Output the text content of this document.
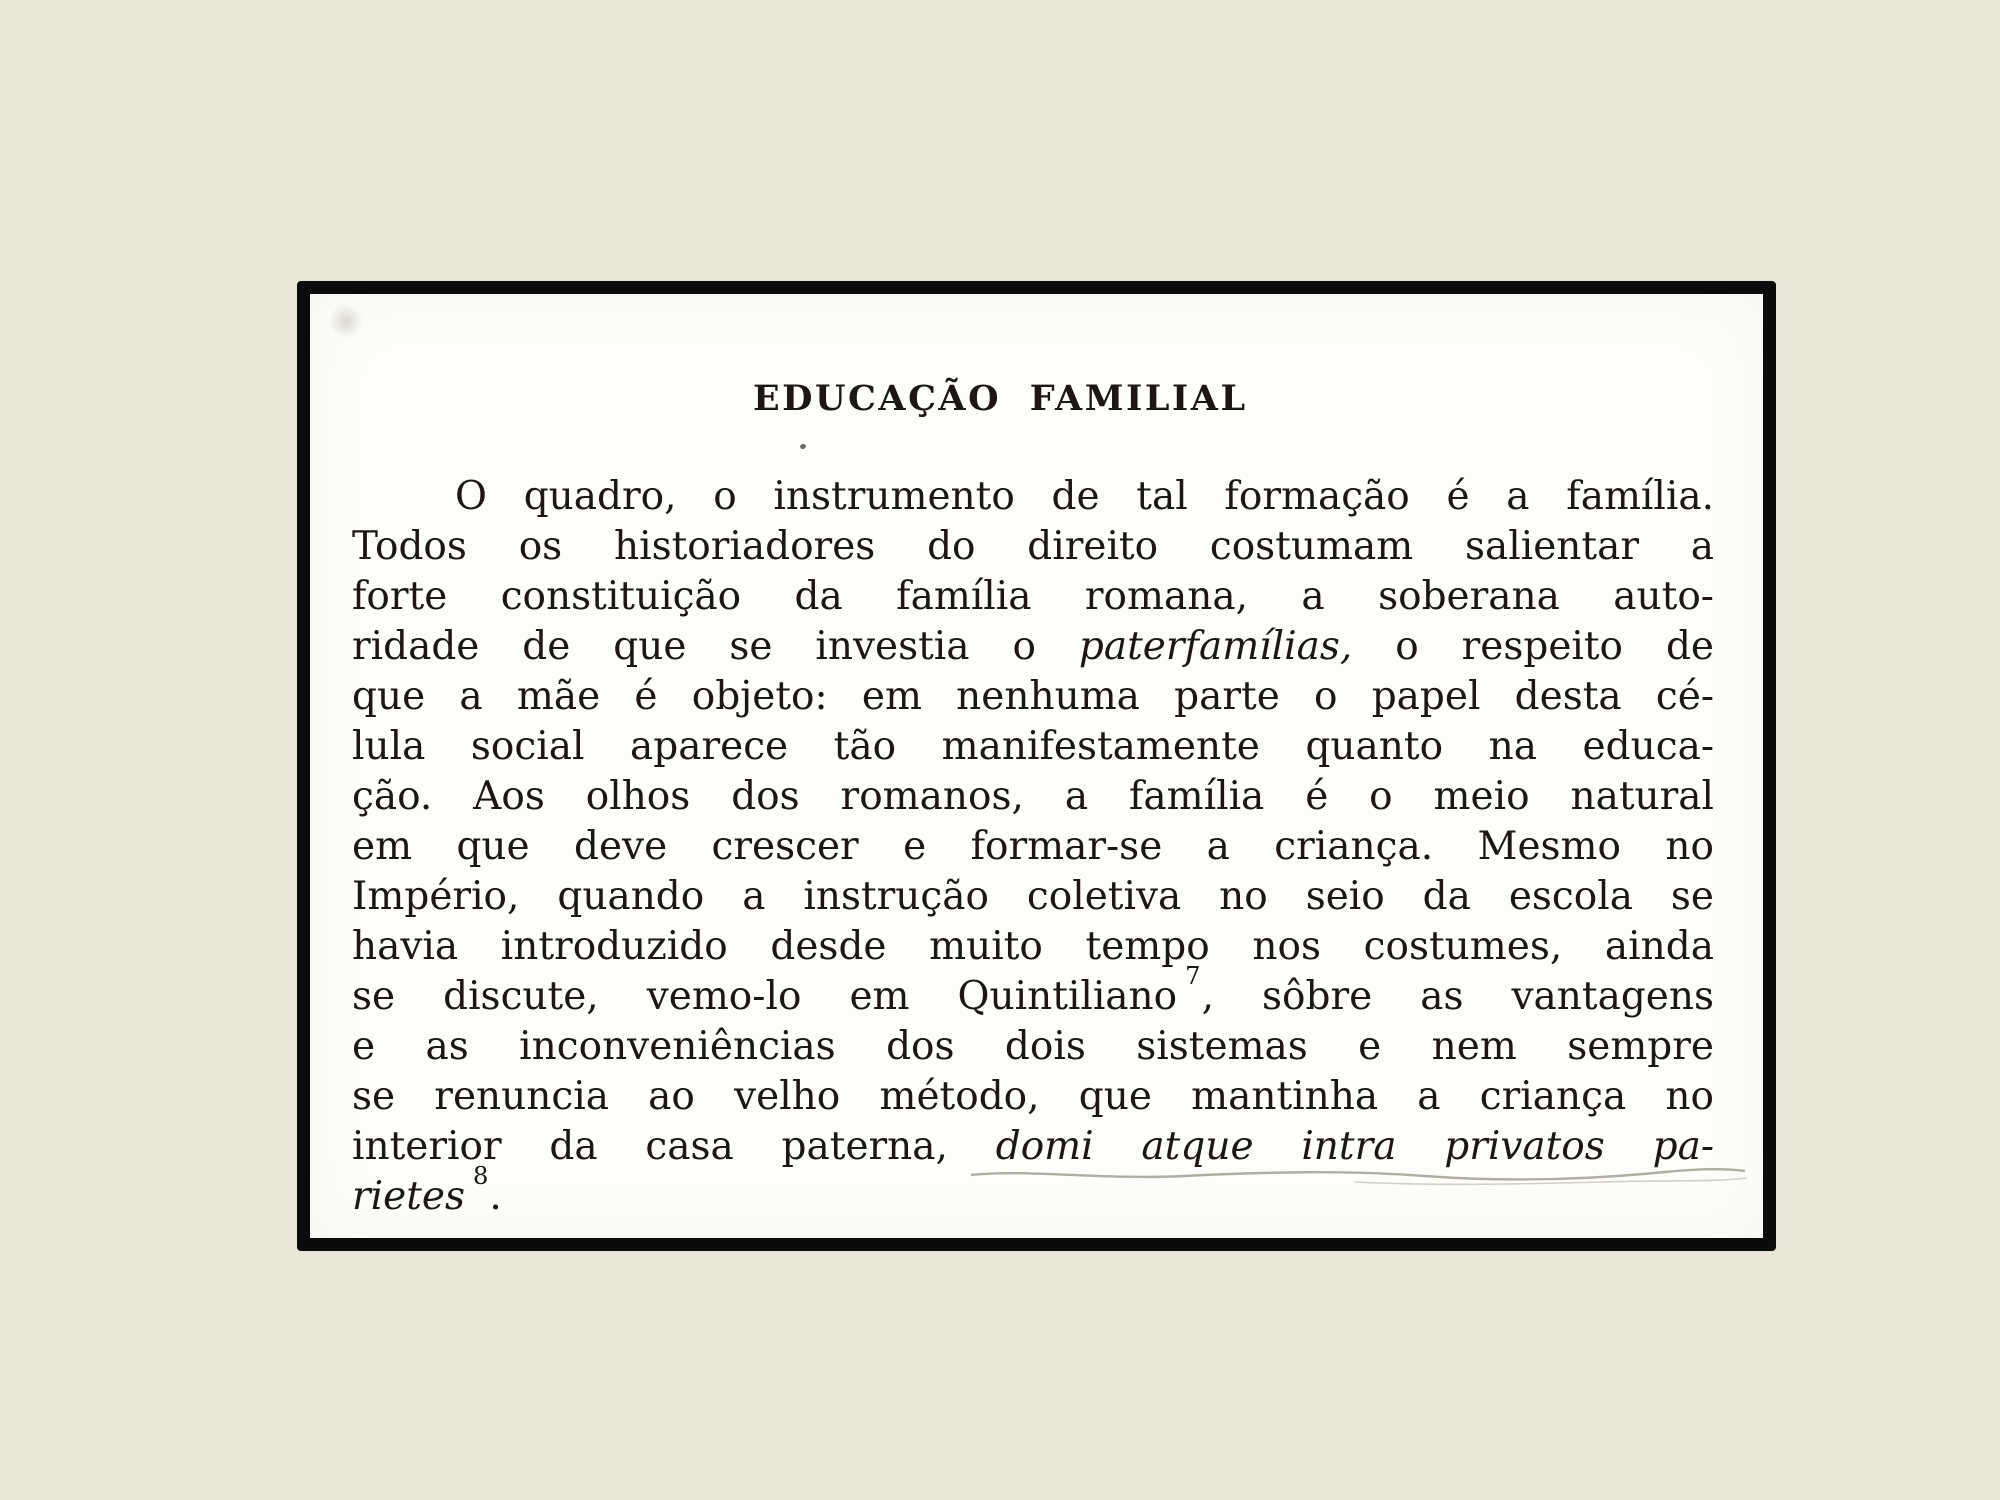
EDUCAÇÃO FAMILIAL
O quadro, o instrumento de tal formação é a família.
Todos os historiadores do direito costumam salientar a
forte constituição da família romana, a soberana auto-
ridade de que se investia o paterfamílias, o respeito de
que a mãe é objeto: em nenhuma parte o papel desta cé-
lula social aparece tão manifestamente quanto na educa-
ção. Aos olhos dos romanos, a família é o meio natural
em que deve crescer e formar-se a criança. Mesmo no
Império, quando a instrução coletiva no seio da escola se
havia introduzido desde muito tempo nos costumes, ainda
se discute, vemo-lo em Quintiliano $^7$, sôbre as vantagens
e as inconveniências dos dois sistemas e nem sempre
se renuncia ao velho método, que mantinha a criança no
interior da casa paterna, domi atque intra privatos pa-
rietes $^8$.
